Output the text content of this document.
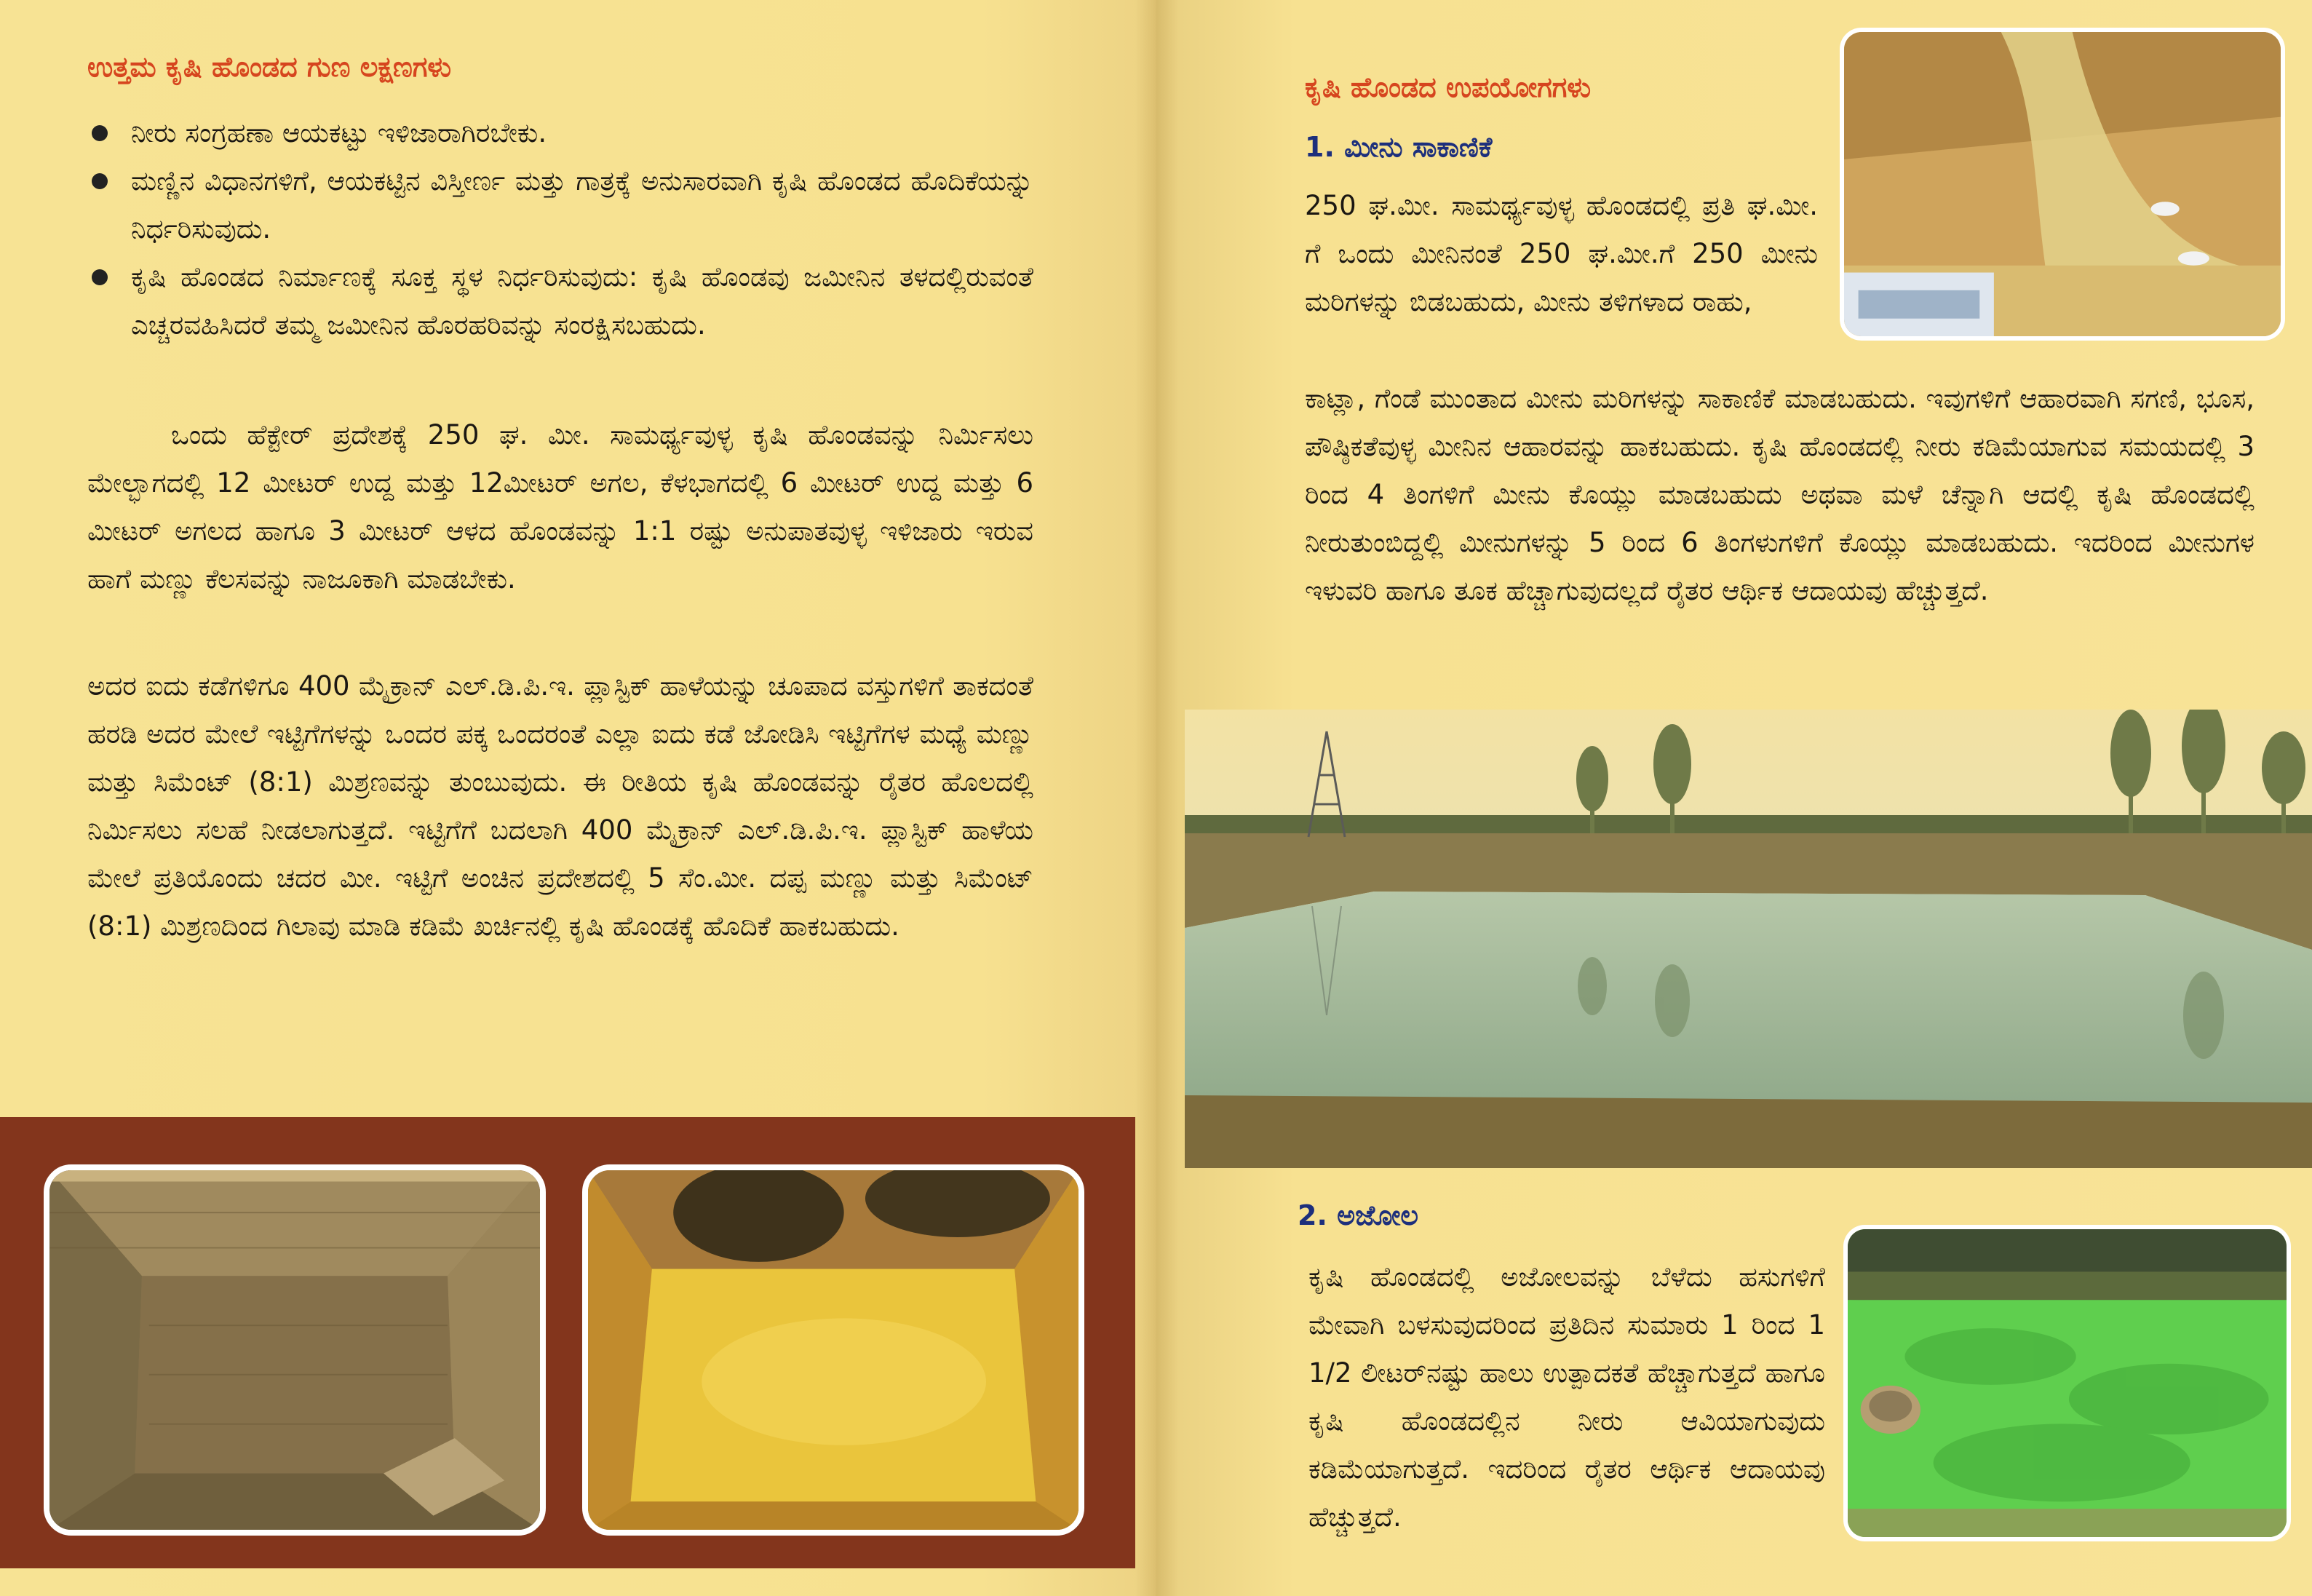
ಉತ್ತಮ ಕೃಷಿ ಹೊಂಡದ ಗುಣ ಲಕ್ಷಣಗಳು
ನೀರು ಸಂಗ್ರಹಣಾ ಆಯಕಟ್ಟು ಇಳಿಜಾರಾಗಿರಬೇಕು.
ಮಣ್ಣಿನ ವಿಧಾನಗಳಿಗೆ, ಆಯಕಟ್ಟಿನ ವಿಸ್ತೀರ್ಣ ಮತ್ತು ಗಾತ್ರಕ್ಕೆ ಅನುಸಾರವಾಗಿ ಕೃಷಿ ಹೊಂಡದ ಹೊದಿಕೆಯನ್ನು ನಿರ್ಧರಿಸುವುದು.
ಕೃಷಿ ಹೊಂಡದ ನಿರ್ಮಾಣಕ್ಕೆ ಸೂಕ್ತ ಸ್ಥಳ ನಿರ್ಧರಿಸುವುದು: ಕೃಷಿ ಹೊಂಡವು ಜಮೀನಿನ ತಳದಲ್ಲಿರುವಂತೆ ಎಚ್ಚರವಹಿಸಿದರೆ ತಮ್ಮ ಜಮೀನಿನ ಹೊರಹರಿವನ್ನು ಸಂರಕ್ಷಿಸಬಹುದು.

ಒಂದು ಹೆಕ್ಟೇರ್ ಪ್ರದೇಶಕ್ಕೆ 250 ಘ. ಮೀ. ಸಾಮರ್ಥ್ಯವುಳ್ಳ ಕೃಷಿ ಹೊಂಡವನ್ನು ನಿರ್ಮಿಸಲು ಮೇಲ್ಭಾಗದಲ್ಲಿ 12 ಮೀಟರ್ ಉದ್ದ ಮತ್ತು 12ಮೀಟರ್ ಅಗಲ, ಕೆಳಭಾಗದಲ್ಲಿ 6 ಮೀಟರ್ ಉದ್ದ ಮತ್ತು 6 ಮೀಟರ್ ಅಗಲದ ಹಾಗೂ 3 ಮೀಟರ್ ಆಳದ ಹೊಂಡವನ್ನು 1:1 ರಷ್ಟು ಅನುಪಾತವುಳ್ಳ ಇಳಿಜಾರು ಇರುವ ಹಾಗೆ ಮಣ್ಣು ಕೆಲಸವನ್ನು ನಾಜೂಕಾಗಿ ಮಾಡಬೇಕು.

ಅದರ ಐದು ಕಡೆಗಳಿಗೂ 400 ಮೈಕ್ರಾನ್ ಎಲ್.ಡಿ.ಪಿ.ಇ. ಪ್ಲಾಸ್ಟಿಕ್ ಹಾಳೆಯನ್ನು ಚೂಪಾದ ವಸ್ತುಗಳಿಗೆ ತಾಕದಂತೆ ಹರಡಿ ಅದರ ಮೇಲೆ ಇಟ್ಟಿಗೆಗಳನ್ನು ಒಂದರ ಪಕ್ಕ ಒಂದರಂತೆ ಎಲ್ಲಾ ಐದು ಕಡೆ ಜೋಡಿಸಿ ಇಟ್ಟಿಗೆಗಳ ಮಧ್ಯೆ ಮಣ್ಣು ಮತ್ತು ಸಿಮೆಂಟ್ (8:1) ಮಿಶ್ರಣವನ್ನು ತುಂಬುವುದು. ಈ ರೀತಿಯ ಕೃಷಿ ಹೊಂಡವನ್ನು ರೈತರ ಹೊಲದಲ್ಲಿ ನಿರ್ಮಿಸಲು ಸಲಹೆ ನೀಡಲಾಗುತ್ತದೆ. ಇಟ್ಟಿಗೆಗೆ ಬದಲಾಗಿ 400 ಮೈಕ್ರಾನ್ ಎಲ್.ಡಿ.ಪಿ.ಇ. ಪ್ಲಾಸ್ಟಿಕ್ ಹಾಳೆಯ ಮೇಲೆ ಪ್ರತಿಯೊಂದು ಚದರ ಮೀ. ಇಟ್ಟಿಗೆ ಅಂಚಿನ ಪ್ರದೇಶದಲ್ಲಿ 5 ಸೆಂ.ಮೀ. ದಪ್ಪ ಮಣ್ಣು ಮತ್ತು ಸಿಮೆಂಟ್ (8:1) ಮಿಶ್ರಣದಿಂದ ಗಿಲಾವು ಮಾಡಿ ಕಡಿಮೆ ಖರ್ಚಿನಲ್ಲಿ ಕೃಷಿ ಹೊಂಡಕ್ಕೆ ಹೊದಿಕೆ ಹಾಕಬಹುದು.

ಕೃಷಿ ಹೊಂಡದ ಉಪಯೋಗಗಳು
1. ಮೀನು ಸಾಕಾಣಿಕೆ

250 ಘ.ಮೀ. ಸಾಮರ್ಥ್ಯವುಳ್ಳ ಹೊಂಡದಲ್ಲಿ ಪ್ರತಿ ಘ.ಮೀ. ಗೆ ಒಂದು ಮೀನಿನಂತೆ 250 ಘ.ಮೀ.ಗೆ 250 ಮೀನು ಮರಿಗಳನ್ನು ಬಿಡಬಹುದು, ಮೀನು ತಳಿಗಳಾದ ರಾಹು,

ಕಾಟ್ಲಾ, ಗೆಂಡೆ ಮುಂತಾದ ಮೀನು ಮರಿಗಳನ್ನು ಸಾಕಾಣಿಕೆ ಮಾಡಬಹುದು. ಇವುಗಳಿಗೆ ಆಹಾರವಾಗಿ ಸಗಣಿ, ಭೂಸ, ಪೌಷ್ಠಿಕತೆವುಳ್ಳ ಮೀನಿನ ಆಹಾರವನ್ನು ಹಾಕಬಹುದು. ಕೃಷಿ ಹೊಂಡದಲ್ಲಿ ನೀರು ಕಡಿಮೆಯಾಗುವ ಸಮಯದಲ್ಲಿ 3 ರಿಂದ 4 ತಿಂಗಳಿಗೆ ಮೀನು ಕೊಯ್ಲು ಮಾಡಬಹುದು ಅಥವಾ ಮಳೆ ಚೆನ್ನಾಗಿ ಆದಲ್ಲಿ ಕೃಷಿ ಹೊಂಡದಲ್ಲಿ ನೀರುತುಂಬಿದ್ದಲ್ಲಿ ಮೀನುಗಳನ್ನು 5 ರಿಂದ 6 ತಿಂಗಳುಗಳಿಗೆ ಕೊಯ್ಲು ಮಾಡಬಹುದು. ಇದರಿಂದ ಮೀನುಗಳ ಇಳುವರಿ ಹಾಗೂ ತೂಕ ಹೆಚ್ಚಾಗುವುದಲ್ಲದೆ ರೈತರ ಆರ್ಥಿಕ ಆದಾಯವು ಹೆಚ್ಚುತ್ತದೆ.

2. ಅಜೋಲ

ಕೃಷಿ ಹೊಂಡದಲ್ಲಿ ಅಜೋಲವನ್ನು ಬೆಳೆದು ಹಸುಗಳಿಗೆ ಮೇವಾಗಿ ಬಳಸುವುದರಿಂದ ಪ್ರತಿದಿನ ಸುಮಾರು 1 ರಿಂದ 1 1/2 ಲೀಟರ್‌ನಷ್ಟು ಹಾಲು ಉತ್ಪಾದಕತೆ ಹೆಚ್ಚಾಗುತ್ತದೆ ಹಾಗೂ ಕೃಷಿ ಹೊಂಡದಲ್ಲಿನ ನೀರು ಆವಿಯಾಗುವುದು ಕಡಿಮೆಯಾಗುತ್ತದೆ. ಇದರಿಂದ ರೈತರ ಆರ್ಥಿಕ ಆದಾಯವು ಹೆಚ್ಚುತ್ತದೆ.
